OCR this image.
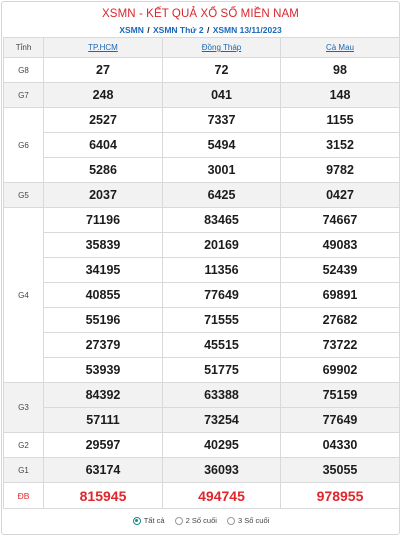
XSMN - KẾT QUẢ XỔ SỐ MIỀN NAM
XSMN / XSMN Thứ 2 / XSMN 13/11/2023
Tỉnh	TP.HCM	Đồng Tháp	Cà Mau
G8	27	72	98
G7	248	041	148
G6	2527	7337	1155
	6404	5494	3152
	5286	3001	9782
G5	2037	6425	0427
G4	71196	83465	74667
	35839	20169	49083
	34195	11356	52439
	40855	77649	69891
	55196	71555	27682
	27379	45515	73722
	53939	51775	69902
G3	84392	63388	75159
	57111	73254	77649
G2	29597	40295	04330
G1	63174	36093	35055
ĐB	815945	494745	978955
Tất cả
	2 Số cuối
	3 Số cuối
